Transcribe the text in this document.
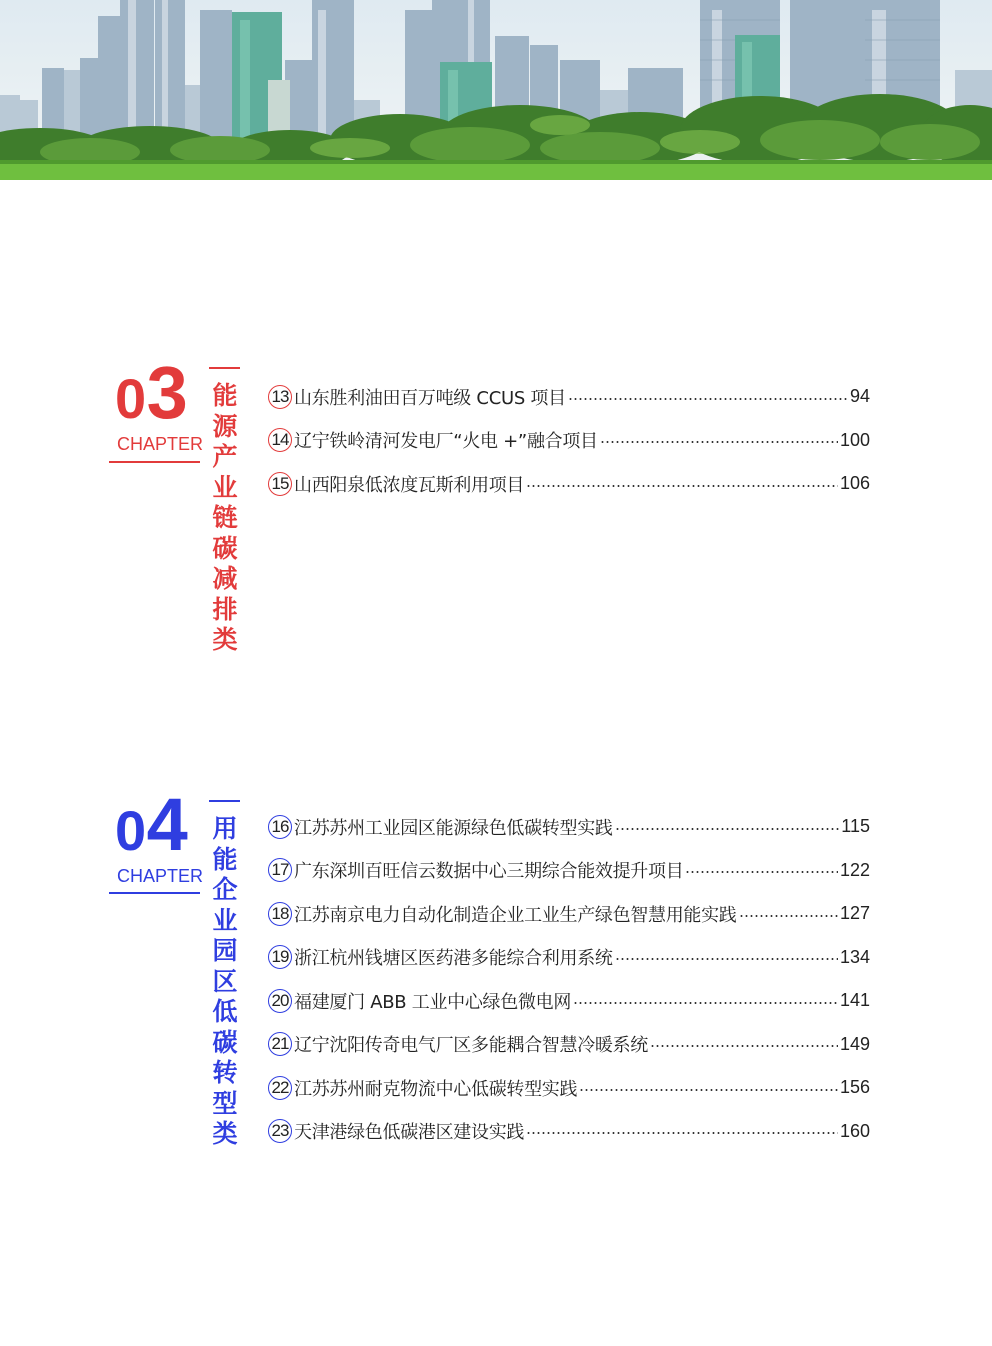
0 3
CHAPTER
能
源
产
业
链
碳
减
排
类
13 山东胜利油田百万吨级 CCUS 项目	94
14 辽宁铁岭清河发电厂“火电 +”融合项目	100
15 山西阳泉低浓度瓦斯利用项目	106
0 4
CHAPTER
用
能
企
业
园
区
低
碳
转
型
类
16 江苏苏州工业园区能源绿色低碳转型实践	115
17 广东深圳百旺信云数据中心三期综合能效提升项目	122
18 江苏南京电力自动化制造企业工业生产绿色智慧用能实践	127
19 浙江杭州钱塘区医药港多能综合利用系统	134
20 福建厦门 ABB 工业中心绿色微电网	141
21 辽宁沈阳传奇电气厂区多能耦合智慧冷暖系统	149
22 江苏苏州耐克物流中心低碳转型实践	156
23 天津港绿色低碳港区建设实践	160
